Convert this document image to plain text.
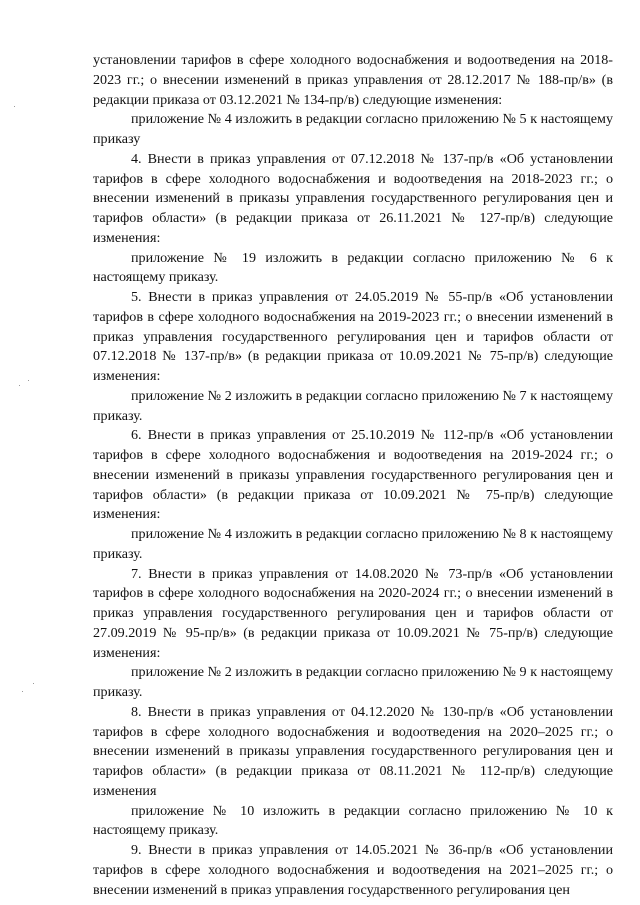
установлении тарифов в сфере холодного водоснабжения и водоотведения на 2018-2023 гг.; о внесении изменений в приказ управления от 28.12.2017 № 188-пр/в» (в редакции приказа от 03.12.2021 № 134-пр/в) следующие изменения:

приложение № 4 изложить в редакции согласно приложению № 5 к настоящему приказу

4. Внести в приказ управления от 07.12.2018 № 137-пр/в «Об установлении тарифов в сфере холодного водоснабжения и водоотведения на 2018-2023 гг.; о внесении изменений в приказы управления государственного регулирования цен и тарифов области» (в редакции приказа от 26.11.2021 № 127-пр/в) следующие изменения:

приложение № 19 изложить в редакции согласно приложению № 6 к настоящему приказу.

5. Внести в приказ управления от 24.05.2019 № 55-пр/в «Об установлении тарифов в сфере холодного водоснабжения на 2019-2023 гг.; о внесении изменений в приказ управления государственного регулирования цен и тарифов области от 07.12.2018 № 137-пр/в» (в редакции приказа от 10.09.2021 № 75-пр/в) следующие изменения:

приложение № 2 изложить в редакции согласно приложению № 7 к настоящему приказу.

6. Внести в приказ управления от 25.10.2019 № 112-пр/в «Об установлении тарифов в сфере холодного водоснабжения и водоотведения на 2019-2024 гг.; о внесении изменений в приказы управления государственного регулирования цен и тарифов области» (в редакции приказа от 10.09.2021 № 75-пр/в) следующие изменения:

приложение № 4 изложить в редакции согласно приложению № 8 к настоящему приказу.

7. Внести в приказ управления от 14.08.2020 № 73-пр/в «Об установлении тарифов в сфере холодного водоснабжения на 2020-2024 гг.; о внесении изменений в приказ управления государственного регулирования цен и тарифов области от 27.09.2019 № 95-пр/в» (в редакции приказа от 10.09.2021 № 75-пр/в) следующие изменения:

приложение № 2 изложить в редакции согласно приложению № 9 к настоящему приказу.

8. Внести в приказ управления от 04.12.2020 № 130-пр/в «Об установлении тарифов в сфере холодного водоснабжения и водоотведения на 2020–2025 гг.; о внесении изменений в приказы управления государственного регулирования цен и тарифов области» (в редакции приказа от 08.11.2021 № 112-пр/в) следующие изменения

приложение № 10 изложить в редакции согласно приложению № 10 к настоящему приказу.

9. Внести в приказ управления от 14.05.2021 № 36-пр/в «Об установлении тарифов в сфере холодного водоснабжения и водоотведения на 2021–2025 гг.; о внесении изменений в приказ управления государственного регулирования цен
